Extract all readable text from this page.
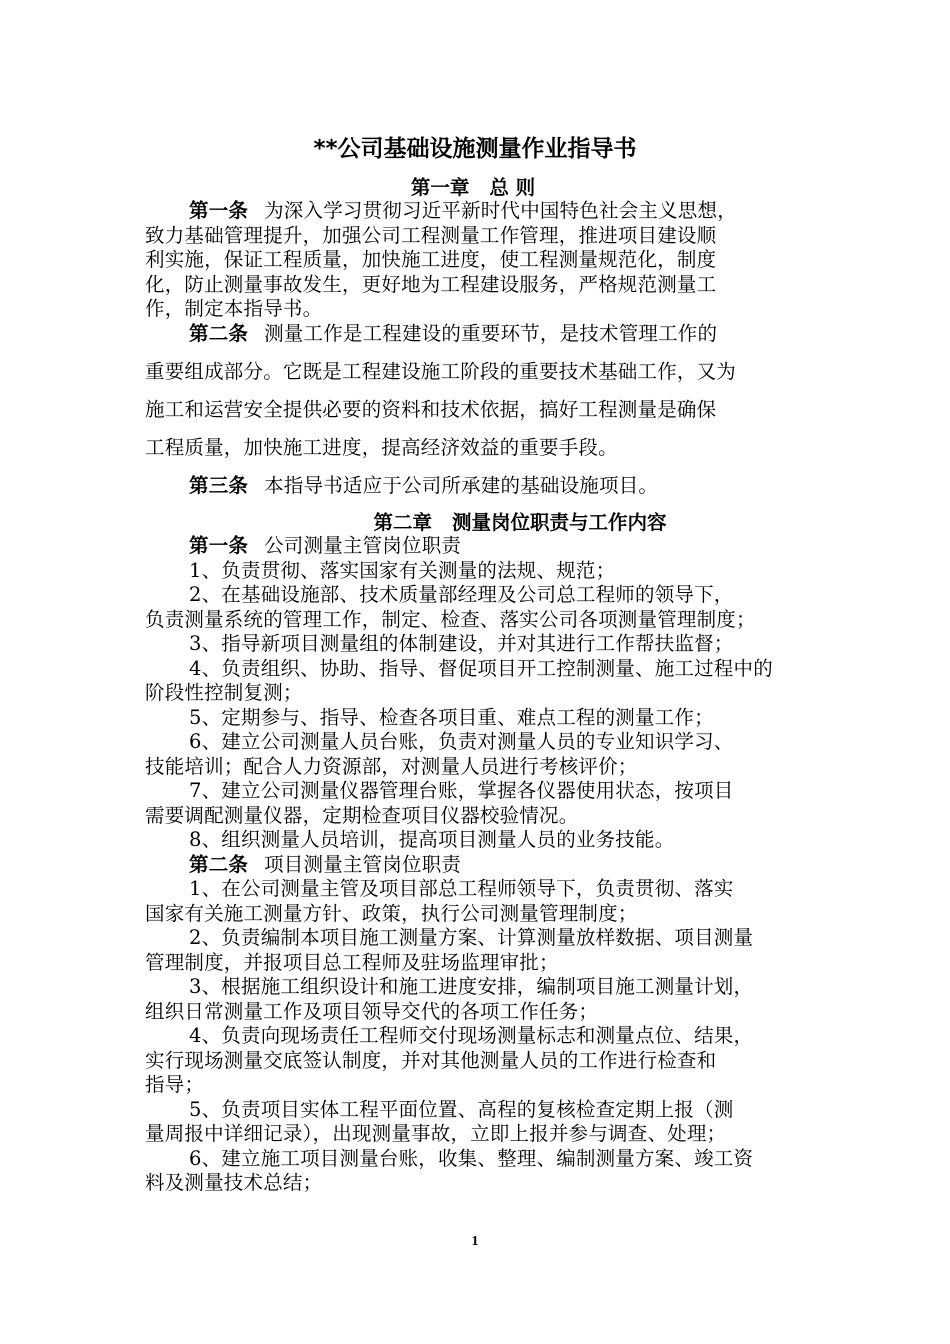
**公司基础设施测量作业指导书
第一章 总 则
第一条 为深入学习贯彻习近平新时代中国特色社会主义思想，
致力基础管理提升，加强公司工程测量工作管理，推进项目建设顺
利实施，保证工程质量，加快施工进度，使工程测量规范化，制度
化，防止测量事故发生，更好地为工程建设服务，严格规范测量工
作，制定本指导书。
第二条 测量工作是工程建设的重要环节，是技术管理工作的
重要组成部分。它既是工程建设施工阶段的重要技术基础工作，又为
施工和运营安全提供必要的资料和技术依据，搞好工程测量是确保
工程质量，加快施工进度，提高经济效益的重要手段。
第三条 本指导书适应于公司所承建的基础设施项目。
第二章 测量岗位职责与工作内容
第一条 公司测量主管岗位职责
1、负责贯彻、落实国家有关测量的法规、规范；
2、在基础设施部、技术质量部经理及公司总工程师的领导下，
负责测量系统的管理工作，制定、检查、落实公司各项测量管理制度；
3、指导新项目测量组的体制建设，并对其进行工作帮扶监督；
4、负责组织、协助、指导、督促项目开工控制测量、施工过程中的
阶段性控制复测；
5、定期参与、指导、检查各项目重、难点工程的测量工作；
6、建立公司测量人员台账，负责对测量人员的专业知识学习、
技能培训；配合人力资源部，对测量人员进行考核评价；
7、建立公司测量仪器管理台账，掌握各仪器使用状态，按项目
需要调配测量仪器，定期检查项目仪器校验情况。
8、组织测量人员培训，提高项目测量人员的业务技能。
第二条 项目测量主管岗位职责
1、在公司测量主管及项目部总工程师领导下，负责贯彻、落实
国家有关施工测量方针、政策，执行公司测量管理制度；
2、负责编制本项目施工测量方案、计算测量放样数据、项目测量
管理制度，并报项目总工程师及驻场监理审批；
3、根据施工组织设计和施工进度安排，编制项目施工测量计划，
组织日常测量工作及项目领导交代的各项工作任务；
4、负责向现场责任工程师交付现场测量标志和测量点位、结果，
实行现场测量交底签认制度，并对其他测量人员的工作进行检查和
指导；
5、负责项目实体工程平面位置、高程的复核检查定期上报（测
量周报中详细记录），出现测量事故，立即上报并参与调查、处理；
6、建立施工项目测量台账，收集、整理、编制测量方案、竣工资
料及测量技术总结；
1
